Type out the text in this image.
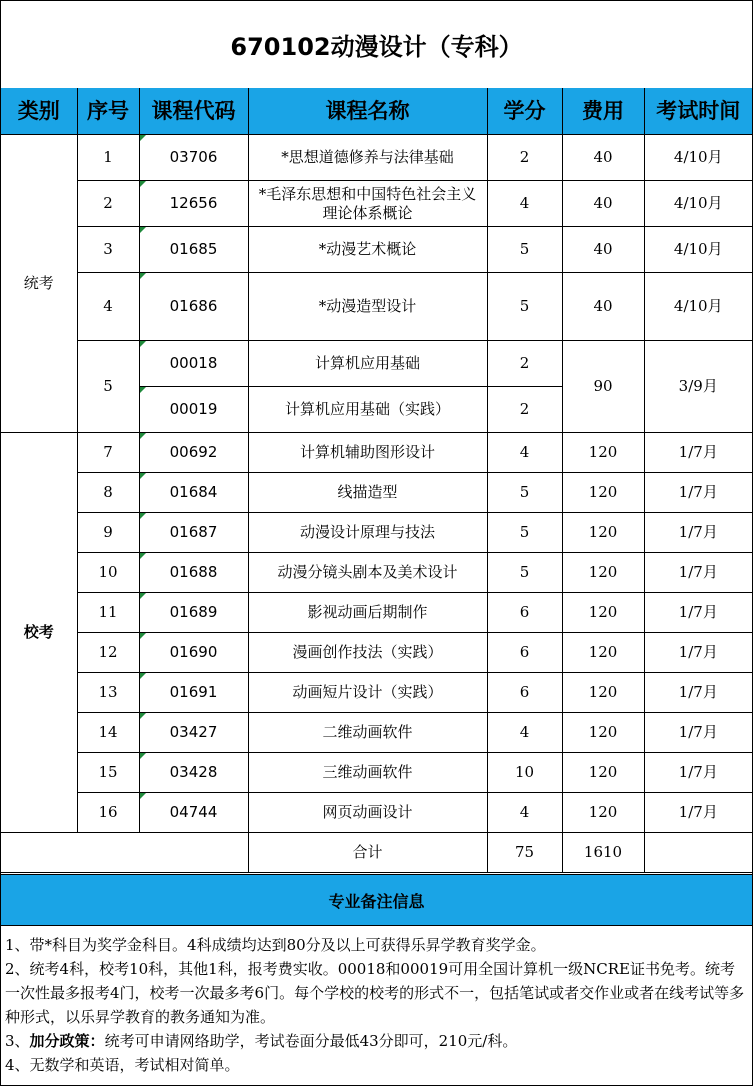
670102动漫设计（专科）
类别	序号	课程代码	课程名称	学分	费用	考试时间
统考	1	03706	*思想道德修养与法律基础	2	40	4/10月
	2	12656	*毛泽东思想和中国特色社会主义理论体系概论	4	40	4/10月
	3	01685	*动漫艺术概论	5	40	4/10月
	4	01686	*动漫造型设计	5	40	4/10月
	5	00018	计算机应用基础	2	90	3/9月
		00019	计算机应用基础（实践）	2		
校考	7	00692	计算机辅助图形设计	4	120	1/7月
	8	01684	线描造型	5	120	1/7月
	9	01687	动漫设计原理与技法	5	120	1/7月
	10	01688	动漫分镜头剧本及美术设计	5	120	1/7月
	11	01689	影视动画后期制作	6	120	1/7月
	12	01690	漫画创作技法（实践）	6	120	1/7月
	13	01691	动画短片设计（实践）	6	120	1/7月
	14	03427	二维动画软件	4	120	1/7月
	15	03428	三维动画软件	10	120	1/7月
	16	04744	网页动画设计	4	120	1/7月
			合计	75	1610	
专业备注信息

1、带*科目为奖学金科目。4科成绩均达到80分及以上可获得乐昇学教育奖学金。

2、统考4科，校考10科，其他1科，报考费实收。00018和00019可用全国计算机一级NCRE证书免考。统考一次性最多报考4门，校考一次最多考6门。每个学校的校考的形式不一，包括笔试或者交作业或者在线考试等多种形式，以乐昇学教育的教务通知为准。

3、加分政策：统考可申请网络助学，考试卷面分最低43分即可，210元/科。

4、无数学和英语，考试相对简单。
